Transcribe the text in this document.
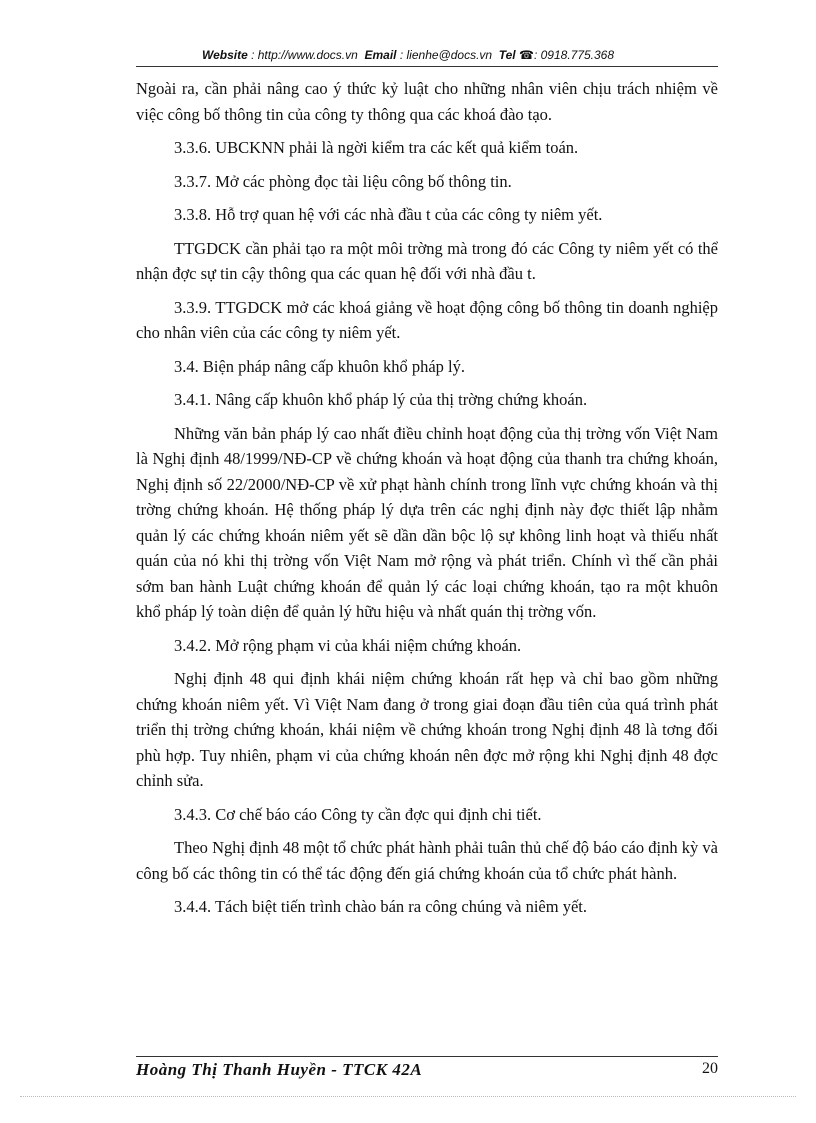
Website : http://www.docs.vn Email : lienhe@docs.vn Tel ☎: 0918.775.368

Ngoài ra, cần phải nâng cao ý thức kỷ luật cho những nhân viên chịu trách nhiệm về việc công bố thông tin của công ty thông qua các khoá đào tạo.

3.3.6. UBCKNN phải là ngời kiểm tra các kết quả kiểm toán.

3.3.7. Mở các phòng đọc tài liệu công bố thông tin.

3.3.8. Hỗ trợ quan hệ với các nhà đầu t của các công ty niêm yết.

TTGDCK cần phải tạo ra một môi trờng mà trong đó các Công ty niêm yết có thể nhận đợc sự tin cậy thông qua các quan hệ đối với nhà đầu t.

3.3.9. TTGDCK mở các khoá giảng về hoạt động công bố thông tin doanh nghiệp cho nhân viên của các công ty niêm yết.

3.4. Biện pháp nâng cấp khuôn khổ pháp lý.

3.4.1. Nâng cấp khuôn khổ pháp lý của thị trờng chứng khoán.

Những văn bản pháp lý cao nhất điều chỉnh hoạt động của thị trờng vốn Việt Nam là Nghị định 48/1999/NĐ-CP về chứng khoán và hoạt động của thanh tra chứng khoán, Nghị định số 22/2000/NĐ-CP về xử phạt hành chính trong lĩnh vực chứng khoán và thị trờng chứng khoán. Hệ thống pháp lý dựa trên các nghị định này đợc thiết lập nhằm quản lý các chứng khoán niêm yết sẽ dần dần bộc lộ sự không linh hoạt và thiếu nhất quán của nó khi thị trờng vốn Việt Nam mở rộng và phát triển. Chính vì thế cần phải sớm ban hành Luật chứng khoán để quản lý các loại chứng khoán, tạo ra một khuôn khổ pháp lý toàn diện để quản lý hữu hiệu và nhất quán thị trờng vốn.

3.4.2. Mở rộng phạm vi của khái niệm chứng khoán.

Nghị định 48 qui định khái niệm chứng khoán rất hẹp và chỉ bao gồm những chứng khoán niêm yết. Vì Việt Nam đang ở trong giai đoạn đầu tiên của quá trình phát triển thị trờng chứng khoán, khái niệm về chứng khoán trong Nghị định 48 là tơng đối phù hợp. Tuy nhiên, phạm vi của chứng khoán nên đợc mở rộng khi Nghị định 48 đợc chỉnh sửa.

3.4.3. Cơ chế báo cáo Công ty cần đợc qui định chi tiết.

Theo Nghị định 48 một tổ chức phát hành phải tuân thủ chế độ báo cáo định kỳ và công bố các thông tin có thể tác động đến giá chứng khoán của tổ chức phát hành.

3.4.4. Tách biệt tiến trình chào bán ra công chúng và niêm yết.

Hoàng Thị Thanh Huyền - TTCK 42A	20
